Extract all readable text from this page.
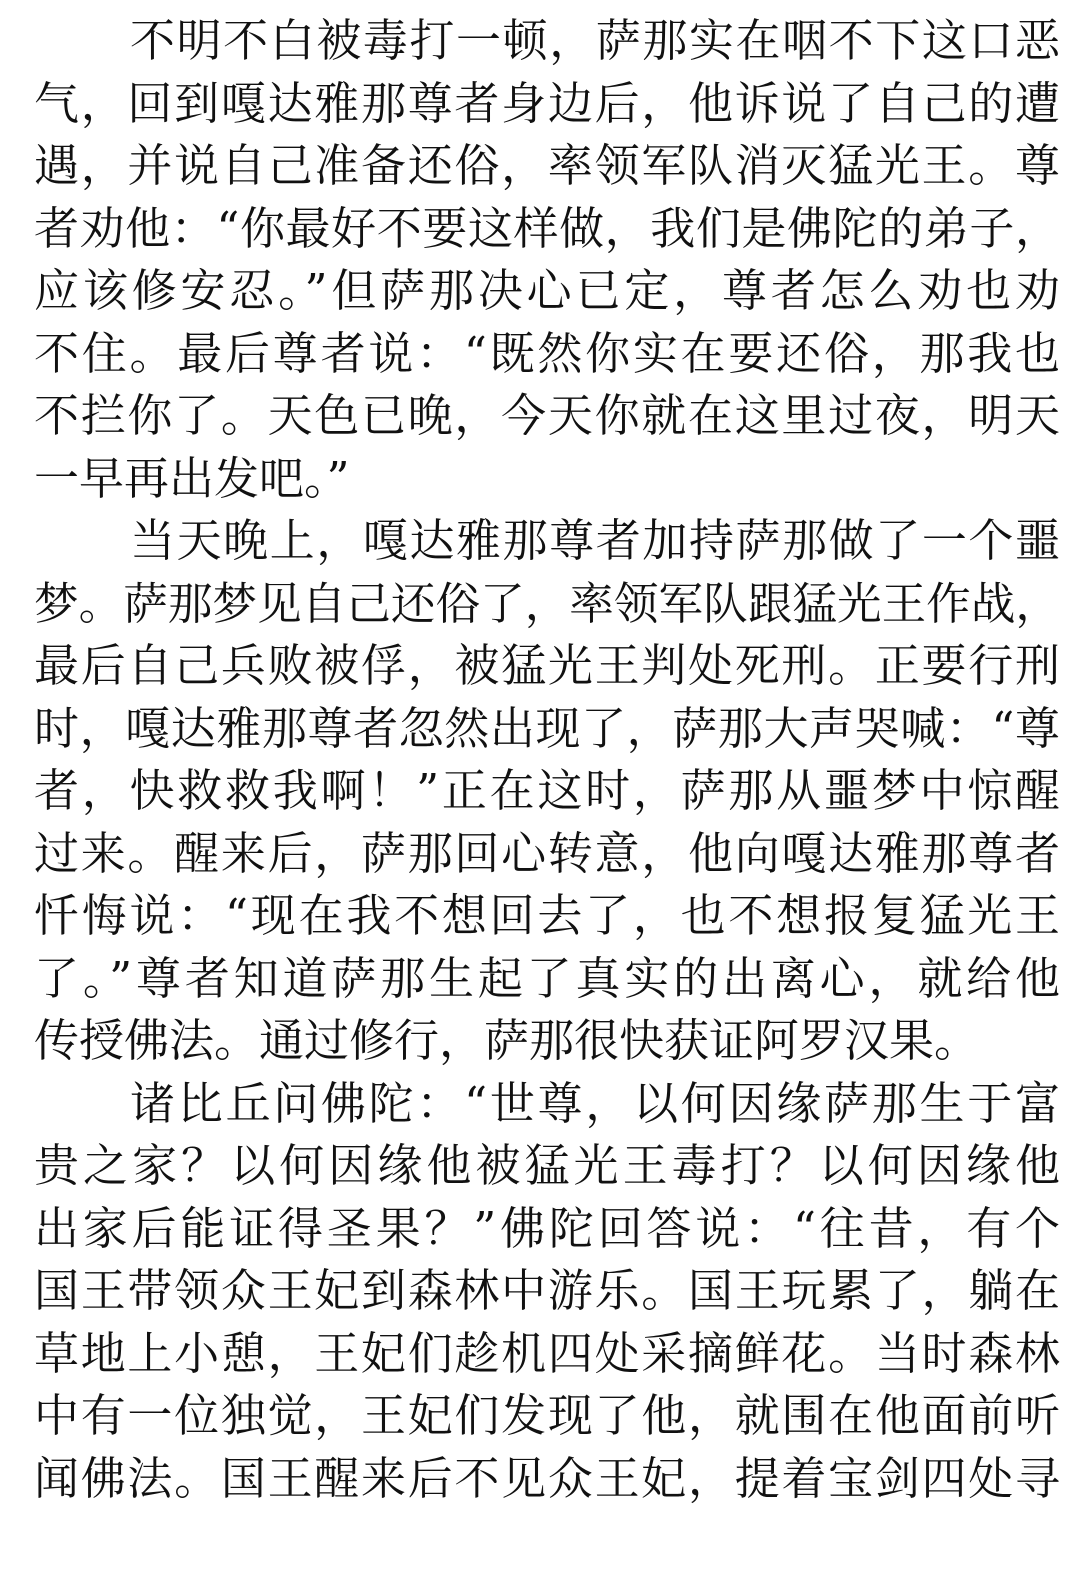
不明不白被毒打一顿，萨那实在咽不下这口恶
气，回到嘎达雅那尊者身边后，他诉说了自己的遭
遇，并说自己准备还俗，率领军队消灭猛光王。尊
者劝他：“你最好不要这样做，我们是佛陀的弟子，
应该修安忍。”但萨那决心已定，尊者怎么劝也劝
不住。最后尊者说：“既然你实在要还俗，那我也
不拦你了。天色已晚，今天你就在这里过夜，明天
一早再出发吧。”
当天晚上，嘎达雅那尊者加持萨那做了一个噩
梦。萨那梦见自己还俗了，率领军队跟猛光王作战，
最后自己兵败被俘，被猛光王判处死刑。正要行刑
时，嘎达雅那尊者忽然出现了，萨那大声哭喊：“尊
者，快救救我啊！”正在这时，萨那从噩梦中惊醒
过来。醒来后，萨那回心转意，他向嘎达雅那尊者
忏悔说：“现在我不想回去了，也不想报复猛光王
了。”尊者知道萨那生起了真实的出离心，就给他
传授佛法。通过修行，萨那很快获证阿罗汉果。
诸比丘问佛陀：“世尊，以何因缘萨那生于富
贵之家？以何因缘他被猛光王毒打？以何因缘他
出家后能证得圣果？”佛陀回答说：“往昔，有个
国王带领众王妃到森林中游乐。国王玩累了，躺在
草地上小憩，王妃们趁机四处采摘鲜花。当时森林
中有一位独觉，王妃们发现了他，就围在他面前听
闻佛法。国王醒来后不见众王妃，提着宝剑四处寻
